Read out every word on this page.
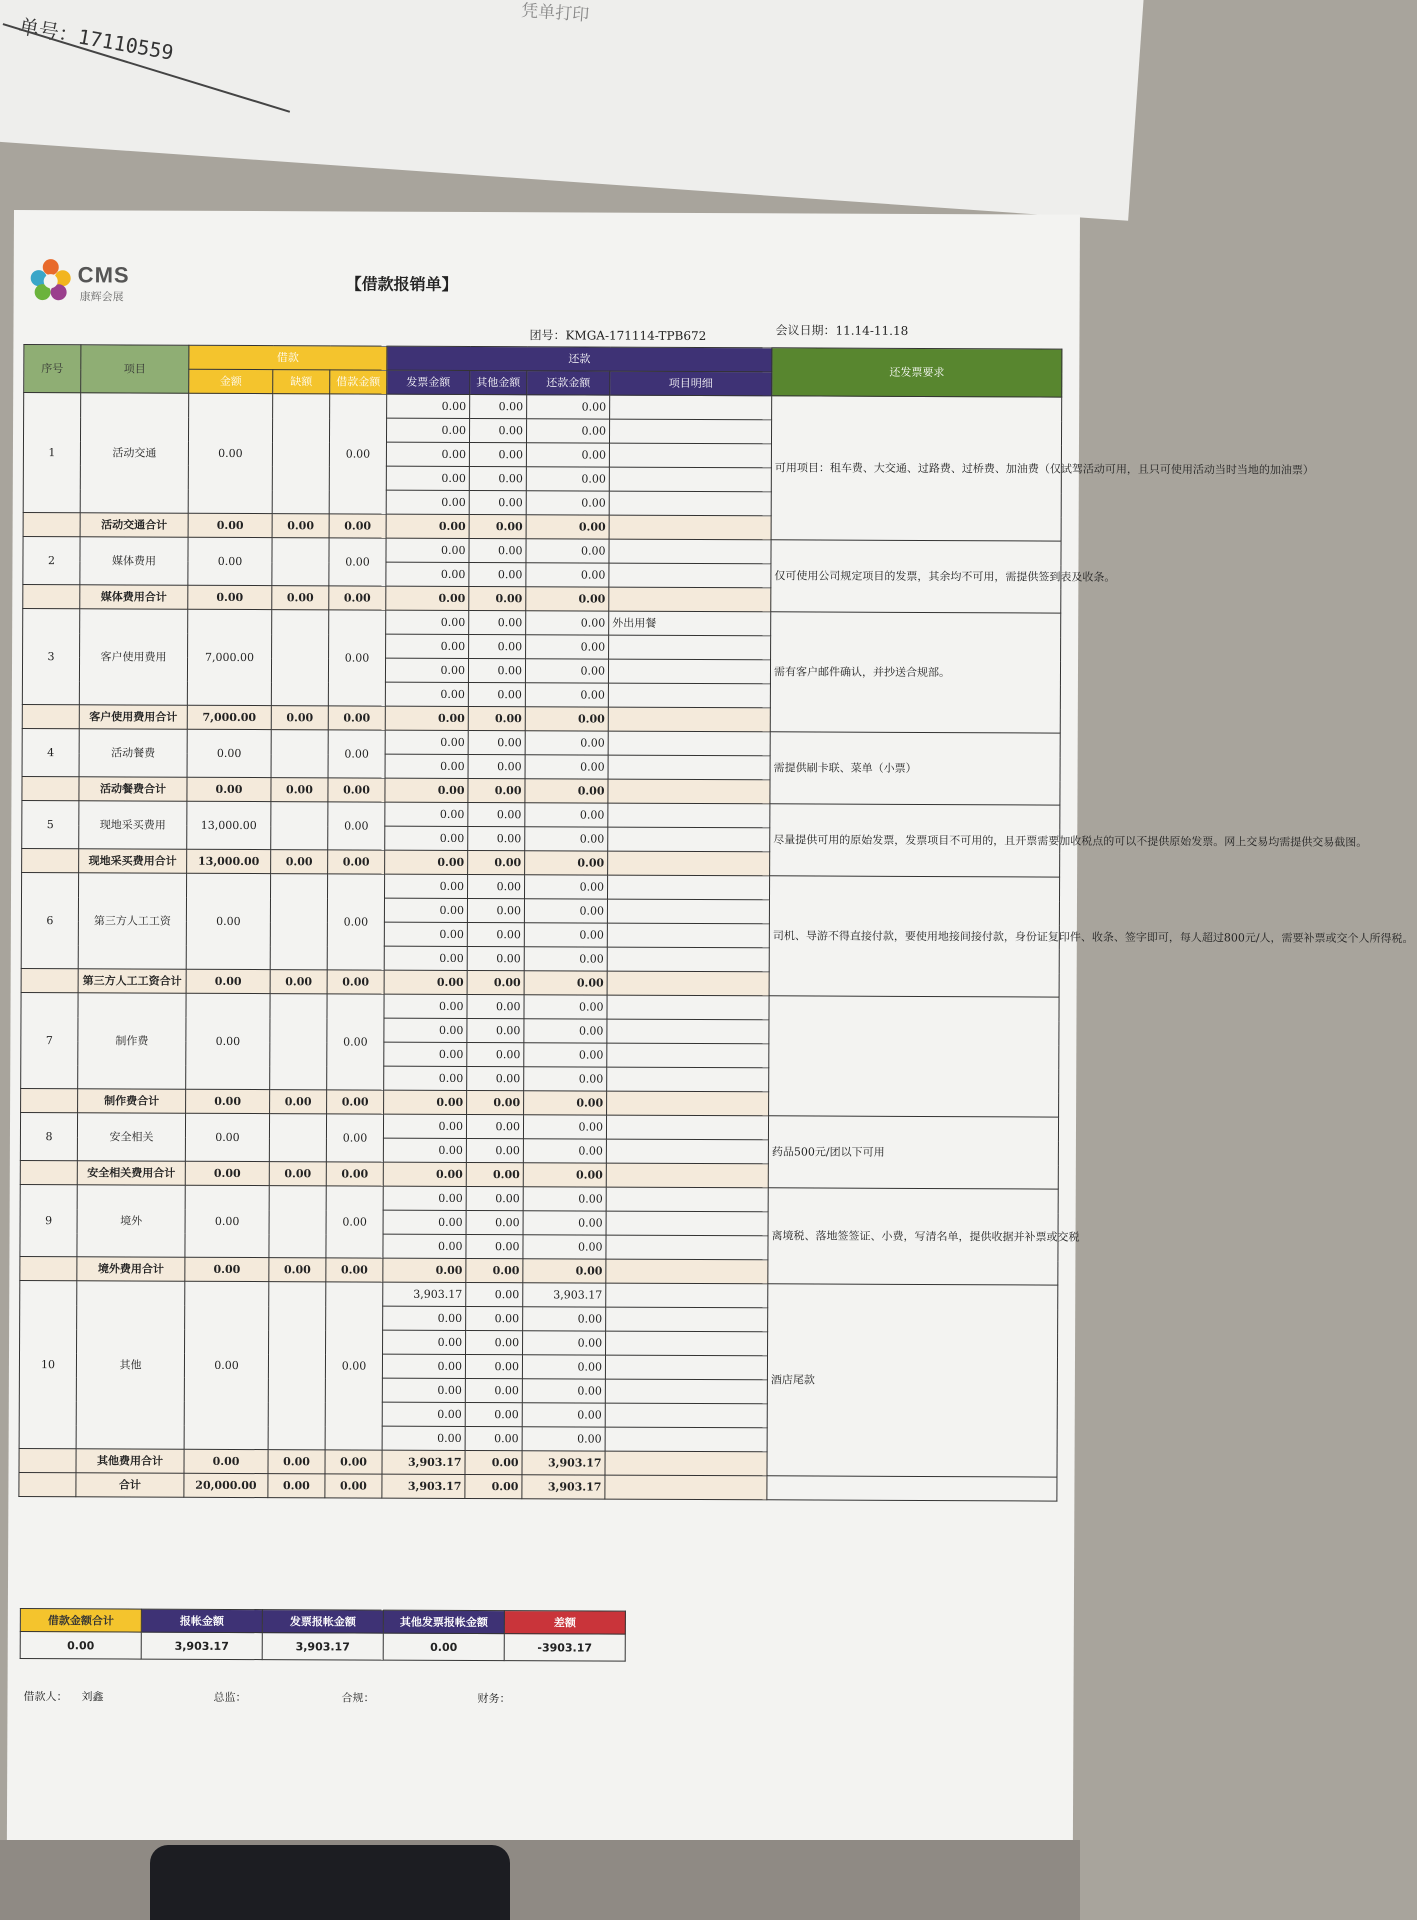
单号：17110559
凭单打印
CMS
康辉会展
【借款报销单】
团号：KMGA-171114-TPB672	会议日期：11.14-11.18
序号	项目	借款			还款				还发票要求
		金额	缺额	借款金额	发票金额	其他金额	还款金额	项目明细	
1	活动交通	0.00		0.00	0.00	0.00	0.00		可用项目：租车费、大交通、过路费、过桥费、加油费（仅试驾活动可用，且只可使用活动当时当地的加油票）
					0.00	0.00	0.00		
					0.00	0.00	0.00		
					0.00	0.00	0.00		
					0.00	0.00	0.00		
	活动交通合计	0.00	0.00	0.00	0.00	0.00	0.00		
2	媒体费用	0.00		0.00	0.00	0.00	0.00		仅可使用公司规定项目的发票，其余均不可用，需提供签到表及收条。
					0.00	0.00	0.00		
	媒体费用合计	0.00	0.00	0.00	0.00	0.00	0.00		
3	客户使用费用	7,000.00		0.00	0.00	0.00	0.00	外出用餐	需有客户邮件确认，并抄送合规部。
					0.00	0.00	0.00		
					0.00	0.00	0.00		
					0.00	0.00	0.00		
	客户使用费用合计	7,000.00	0.00	0.00	0.00	0.00	0.00		
4	活动餐费	0.00		0.00	0.00	0.00	0.00		需提供刷卡联、菜单（小票）
					0.00	0.00	0.00		
	活动餐费合计	0.00	0.00	0.00	0.00	0.00	0.00		
5	现地采买费用	13,000.00		0.00	0.00	0.00	0.00		尽量提供可用的原始发票，发票项目不可用的，且开票需要加收税点的可以不提供原始发票。网上交易均需提供交易截图。
					0.00	0.00	0.00		
	现地采买费用合计	13,000.00	0.00	0.00	0.00	0.00	0.00		
6	第三方人工工资	0.00		0.00	0.00	0.00	0.00		司机、导游不得直接付款，要使用地接间接付款，身份证复印件、收条、签字即可，每人超过800元/人，需要补票或交个人所得税。
					0.00	0.00	0.00		
					0.00	0.00	0.00		
					0.00	0.00	0.00		
	第三方人工工资合计	0.00	0.00	0.00	0.00	0.00	0.00		
7	制作费	0.00		0.00	0.00	0.00	0.00		
					0.00	0.00	0.00		
					0.00	0.00	0.00		
					0.00	0.00	0.00		
	制作费合计	0.00	0.00	0.00	0.00	0.00	0.00		
8	安全相关	0.00		0.00	0.00	0.00	0.00		药品500元/团以下可用
					0.00	0.00	0.00		
	安全相关费用合计	0.00	0.00	0.00	0.00	0.00	0.00		
9	境外	0.00		0.00	0.00	0.00	0.00		离境税、落地签签证、小费，写清名单，提供收据并补票或交税
					0.00	0.00	0.00		
					0.00	0.00	0.00		
	境外费用合计	0.00	0.00	0.00	0.00	0.00	0.00		
10	其他	0.00		0.00	3,903.17	0.00	3,903.17		酒店尾款
					0.00	0.00	0.00		
					0.00	0.00	0.00		
					0.00	0.00	0.00		
					0.00	0.00	0.00		
					0.00	0.00	0.00		
					0.00	0.00	0.00		
	其他费用合计	0.00	0.00	0.00	3,903.17	0.00	3,903.17		
	合计	20,000.00	0.00	0.00	3,903.17	0.00	3,903.17		
借款金额合计	报帐金额	发票报帐金额	其他发票报帐金额	差额
0.00	3,903.17	3,903.17	0.00	-3903.17
借款人： 刘鑫	总监：	合规：	财务：
